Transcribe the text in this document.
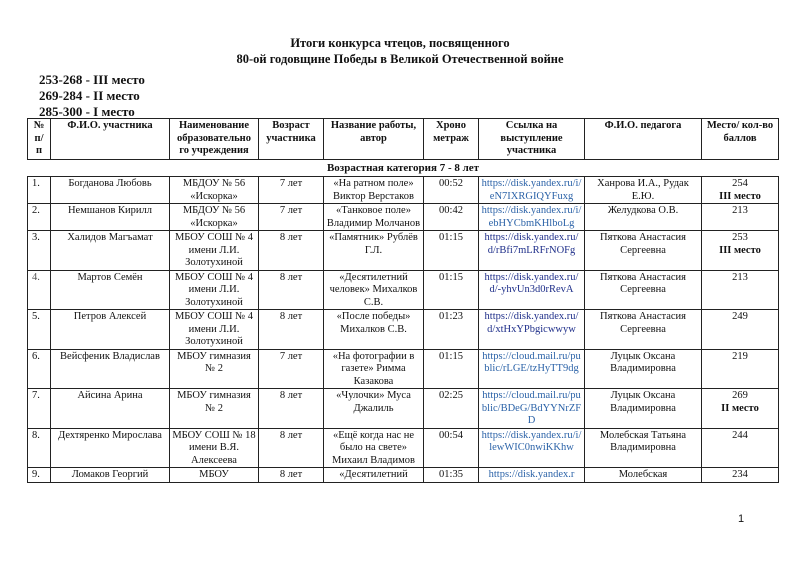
Итоги конкурса чтецов, посвященного
80-ой годовщине Победы в Великой Отечественной войне
253-268 - III место
269-284 - II место
285-300 - I место
№ п/ п	Ф.И.О. участника	Наименование образовательно го учреждения	Возраст участника	Название работы, автор	Хроно метраж	Ссылка на выступление участника	Ф.И.О. педагога	Место/ кол-во баллов
Возрастная категория 7 - 8 лет								
1.	Богданова Любовь	МБДОУ № 56 «Искорка»	7 лет	«На ратном поле» Виктор Верстаков	00:52	https://disk.yandex.ru/i/eN7IXRGIQYFuxg	Ханрова И.А., Рудак Е.Ю.	254
III место

2.	Немшанов Кирилл	МБДОУ № 56 «Искорка»	7 лет	«Танковое поле» Владимир Молчанов	00:42	https://disk.yandex.ru/i/ebHYCbmKHlboLg	Желудкова О.В.	213

3.	Халидов Магъамат	МБОУ СОШ № 4 имени Л.И. Золотухиной	8 лет	«Памятник» Рублёв Г.Л.	01:15	https://disk.yandex.ru/d/rBfi7mLRFrNOFg	Пяткова Анастасия Сергеевна	253
III место

4.	Мартов Семён	МБОУ СОШ № 4 имени Л.И. Золотухиной	8 лет	«Десятилетний человек» Михалков С.В.	01:15	https://disk.yandex.ru/d/-yhvUn3d0rRevA	Пяткова Анастасия Сергеевна	213

5.	Петров Алексей	МБОУ СОШ № 4 имени Л.И. Золотухиной	8 лет	«После победы» Михалков С.В.	01:23	https://disk.yandex.ru/d/xtHxYPbgicwwyw	Пяткова Анастасия Сергеевна	249

6.	Вейсфеник Владислав	МБОУ гимназия № 2	7 лет	«На фотографии в газете» Римма Казакова	01:15	https://cloud.mail.ru/public/rLGE/tzHyTT9dg	Луцык Оксана Владимировна	219

7.	Айсина Арина	МБОУ гимназия № 2	8 лет	«Чулочки» Муса Джалиль	02:25	https://cloud.mail.ru/public/BDeG/BdYYNrZFD	Луцык Оксана Владимировна	269
II место

8.	Дехтяренко Мирослава	МБОУ СОШ № 18 имени В.Я. Алексеева	8 лет	«Ещё когда нас не было на свете» Михаил Владимов	00:54	https://disk.yandex.ru/i/lewWIC0nwiKKhw	Молебская Татьяна Владимировна	244

9.	Ломаков Георгий	МБОУ	8 лет	«Десятилетний	01:35	https://disk.yandex.r	Молебская	234
1
